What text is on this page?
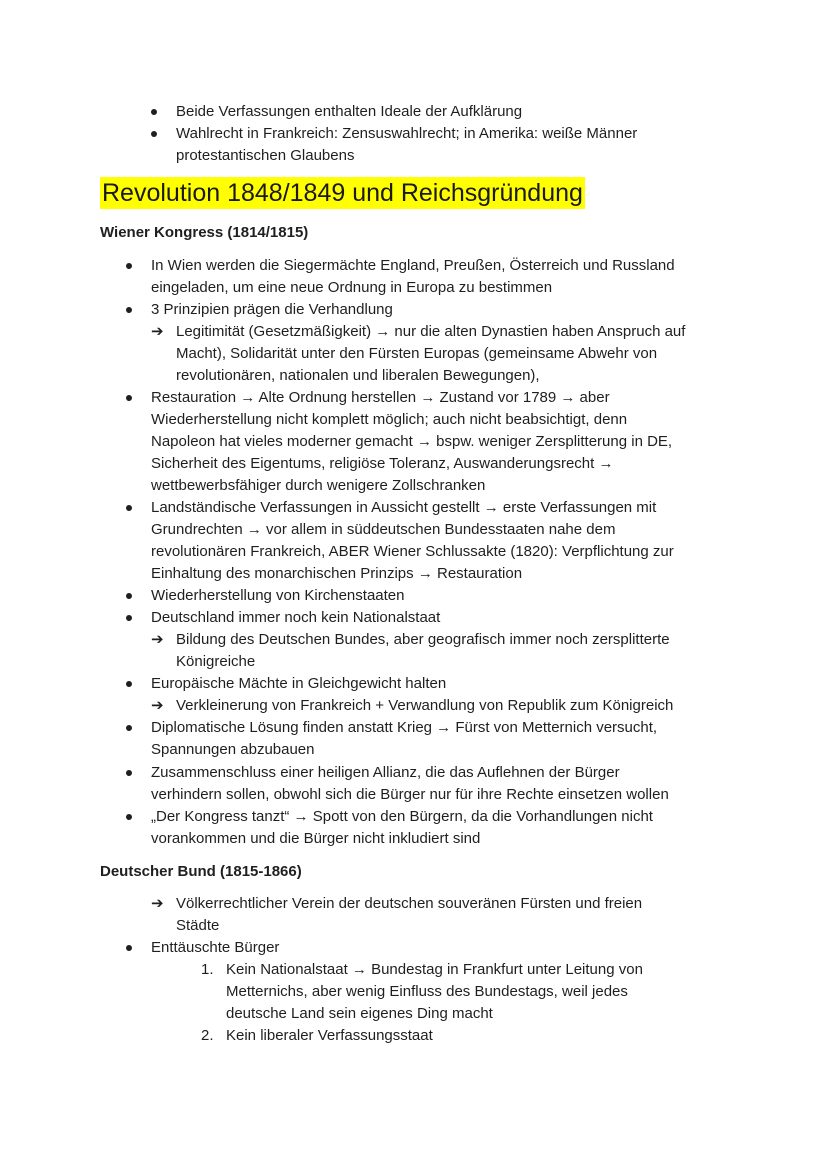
Beide Verfassungen enthalten Ideale der Aufklärung
Wahlrecht in Frankreich: Zensuswahlrecht; in Amerika: weiße Männer
protestantischen Glaubens
Revolution 1848/1849 und Reichsgründung
Wiener Kongress (1814/1815)
In Wien werden die Siegermächte England, Preußen, Österreich und Russland
eingeladen, um eine neue Ordnung in Europa zu bestimmen
3 Prinzipien prägen die Verhandlung
➔ Legitimität (Gesetzmäßigkeit) → nur die alten Dynastien haben Anspruch auf
Macht), Solidarität unter den Fürsten Europas (gemeinsame Abwehr von
revolutionären, nationalen und liberalen Bewegungen),
Restauration → Alte Ordnung herstellen → Zustand vor 1789 → aber
Wiederherstellung nicht komplett möglich; auch nicht beabsichtigt, denn
Napoleon hat vieles moderner gemacht → bspw. weniger Zersplitterung in DE,
Sicherheit des Eigentums, religiöse Toleranz, Auswanderungsrecht →
wettbewerbsfähiger durch wenigere Zollschranken
Landständische Verfassungen in Aussicht gestellt → erste Verfassungen mit
Grundrechten → vor allem in süddeutschen Bundesstaaten nahe dem
revolutionären Frankreich, ABER Wiener Schlussakte (1820): Verpflichtung zur
Einhaltung des monarchischen Prinzips → Restauration
Wiederherstellung von Kirchenstaaten
Deutschland immer noch kein Nationalstaat
➔ Bildung des Deutschen Bundes, aber geografisch immer noch zersplitterte
Königreiche
Europäische Mächte in Gleichgewicht halten
➔ Verkleinerung von Frankreich + Verwandlung von Republik zum Königreich
Diplomatische Lösung finden anstatt Krieg → Fürst von Metternich versucht,
Spannungen abzubauen
Zusammenschluss einer heiligen Allianz, die das Auflehnen der Bürger
verhindern sollen, obwohl sich die Bürger nur für ihre Rechte einsetzen wollen
„Der Kongress tanzt“ → Spott von den Bürgern, da die Vorhandlungen nicht
vorankommen und die Bürger nicht inkludiert sind
Deutscher Bund (1815-1866)
➔ Völkerrechtlicher Verein der deutschen souveränen Fürsten und freien
Städte
Enttäuschte Bürger
1. Kein Nationalstaat → Bundestag in Frankfurt unter Leitung von
Metternichs, aber wenig Einfluss des Bundestags, weil jedes
deutsche Land sein eigenes Ding macht
2. Kein liberaler Verfassungsstaat
